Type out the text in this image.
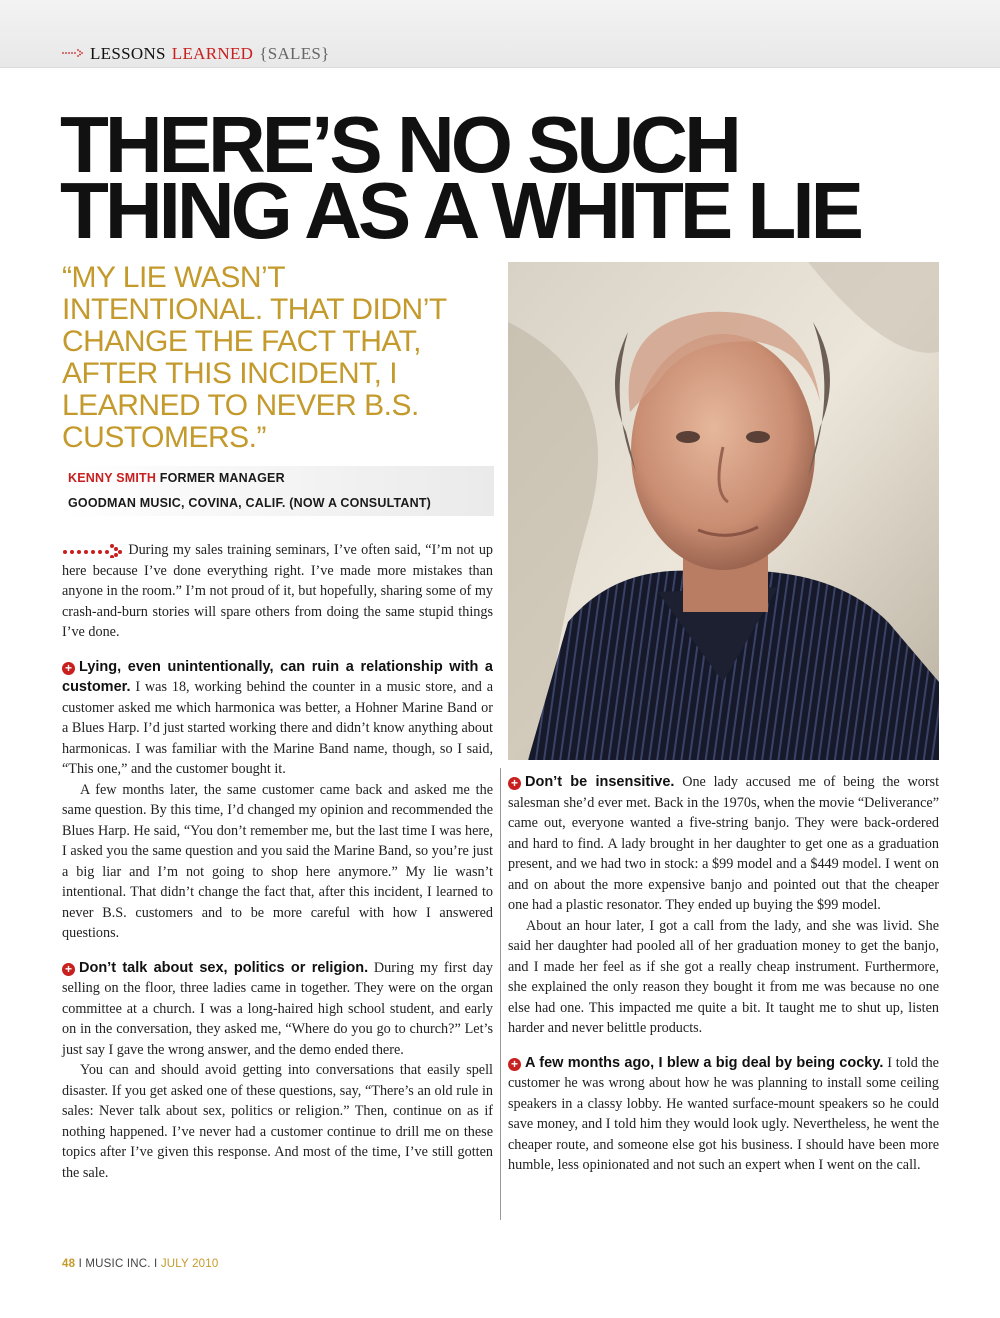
LESSONS LEARNED {SALES}
THERE’S NO SUCH
THING AS A WHITE LIE
“MY LIE WASN’T INTENTIONAL. THAT DIDN’T CHANGE THE FACT THAT, AFTER THIS INCIDENT, I LEARNED TO NEVER B.S. CUSTOMERS.”
KENNY SMITH FORMER MANAGER
GOODMAN MUSIC, COVINA, CALIF. (NOW A CONSULTANT)

During my sales training seminars, I’ve often said, “I’m not up here because I’ve done everything right. I’ve made more mistakes than anyone in the room.” I’m not proud of it, but hopefully, sharing some of my crash-and-burn stories will spare others from doing the same stupid things I’ve done.

+ Lying, even unintentionally, can ruin a relationship with a customer. I was 18, working behind the counter in a music store, and a customer asked me which harmonica was better, a Hohner Marine Band or a Blues Harp. I’d just started working there and didn’t know anything about harmonicas. I was familiar with the Marine Band name, though, so I said, “This one,” and the customer bought it.

A few months later, the same customer came back and asked me the same question. By this time, I’d changed my opinion and recommended the Blues Harp. He said, “You don’t remember me, but the last time I was here, I asked you the same question and you said the Marine Band, so you’re just a big liar and I’m not going to shop here anymore.” My lie wasn’t intentional. That didn’t change the fact that, after this incident, I learned to never B.S. customers and to be more careful with how I answered questions.

+ Don’t talk about sex, politics or religion. During my first day selling on the floor, three ladies came in together. They were on the organ committee at a church. I was a long-haired high school student, and early on in the conversation, they asked me, “Where do you go to church?” Let’s just say I gave the wrong answer, and the demo ended there.

You can and should avoid getting into conversations that easily spell disaster. If you get asked one of these questions, say, “There’s an old rule in sales: Never talk about sex, politics or religion.” Then, continue on as if nothing happened. I’ve never had a customer continue to drill me on these topics after I’ve given this response. And most of the time, I’ve still gotten the sale.

+ Don’t be insensitive. One lady accused me of being the worst salesman she’d ever met. Back in the 1970s, when the movie “Deliverance” came out, everyone wanted a five-string banjo. They were back-ordered and hard to find. A lady brought in her daughter to get one as a graduation present, and we had two in stock: a $99 model and a $449 model. I went on and on about the more expensive banjo and pointed out that the cheaper one had a plastic resonator. They ended up buying the $99 model.

About an hour later, I got a call from the lady, and she was livid. She said her daughter had pooled all of her graduation money to get the banjo, and I made her feel as if she got a really cheap instrument. Furthermore, she explained the only reason they bought it from me was because no one else had one. This impacted me quite a bit. It taught me to shut up, listen harder and never belittle products.

+ A few months ago, I blew a big deal by being cocky. I told the customer he was wrong about how he was planning to install some ceiling speakers in a classy lobby. He wanted surface-mount speakers so he could save money, and I told him they would look ugly. Nevertheless, he went the cheaper route, and someone else got his business. I should have been more humble, less opinionated and not such an expert when I went on the call.

48 I MUSIC INC. I JULY 2010
